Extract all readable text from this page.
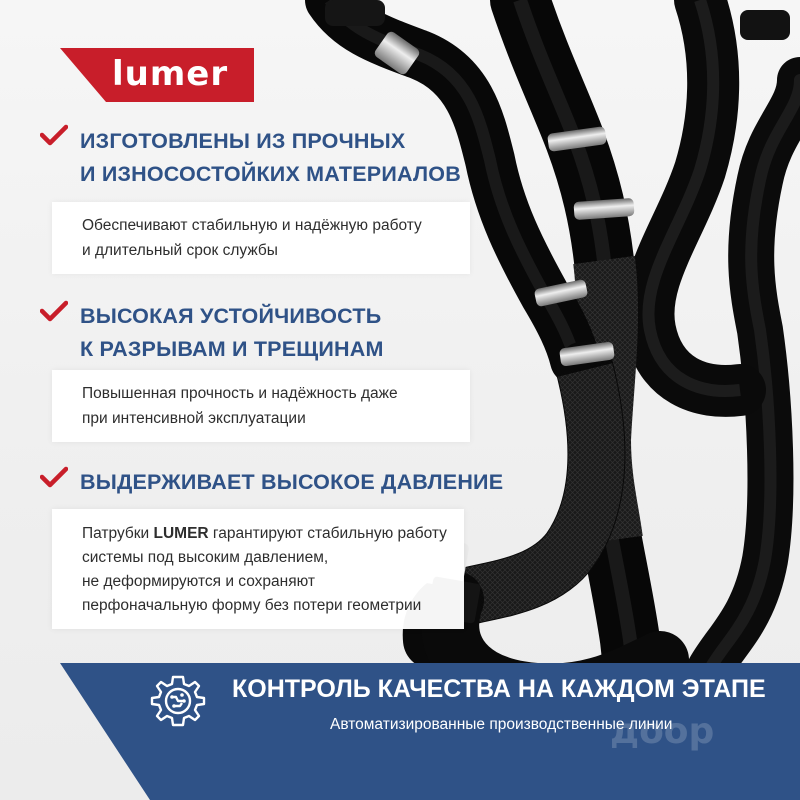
lumer
ИЗГОТОВЛЕНЫ ИЗ ПРОЧНЫХ
И ИЗНОСОСТОЙКИХ МАТЕРИАЛОВ
Обеспечивают стабильную и надёжную работу
и длительный срок службы
ВЫСОКАЯ УСТОЙЧИВОСТЬ
К РАЗРЫВАМ И ТРЕЩИНАМ
Повышенная прочность и надёжность даже
при интенсивной эксплуатации
ВЫДЕРЖИВАЕТ ВЫСОКОЕ ДАВЛЕНИЕ
Патрубки LUMER гарантируют стабильную работу
системы под высоким давлением,
не деформируются и сохраняют
перфоначальную форму без потери геометрии
КОНТРОЛЬ КАЧЕСТВА НА КАЖДОМ ЭТАПЕ
Автоматизированные производственные линии
доор
